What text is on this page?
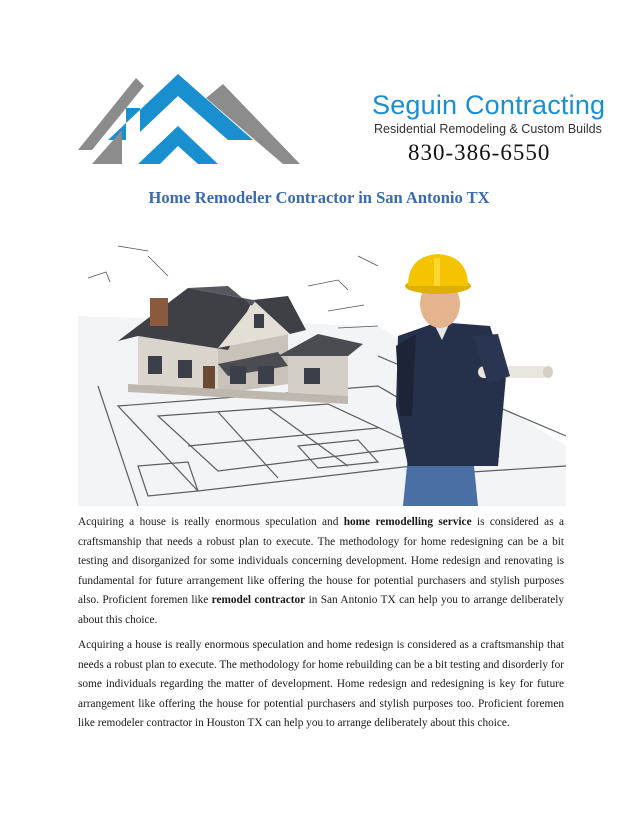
Seguin Contracting
Residential Remodeling & Custom Builds
830-386-6550
Home Remodeler Contractor in San Antonio TX

Acquiring a house is really enormous speculation and home remodelling service is considered as a craftsmanship that needs a robust plan to execute. The methodology for home redesigning can be a bit testing and disorganized for some individuals concerning development. Home redesign and renovating is fundamental for future arrangement like offering the house for potential purchasers and stylish purposes also. Proficient foremen like remodel contractor in San Antonio TX can help you to arrange deliberately about this choice.

Acquiring a house is really enormous speculation and home redesign is considered as a craftsmanship that needs a robust plan to execute. The methodology for home rebuilding can be a bit testing and disorderly for some individuals regarding the matter of development. Home redesign and redesigning is key for future arrangement like offering the house for potential purchasers and stylish purposes too. Proficient foremen like remodeler contractor in Houston TX can help you to arrange deliberately about this choice.
